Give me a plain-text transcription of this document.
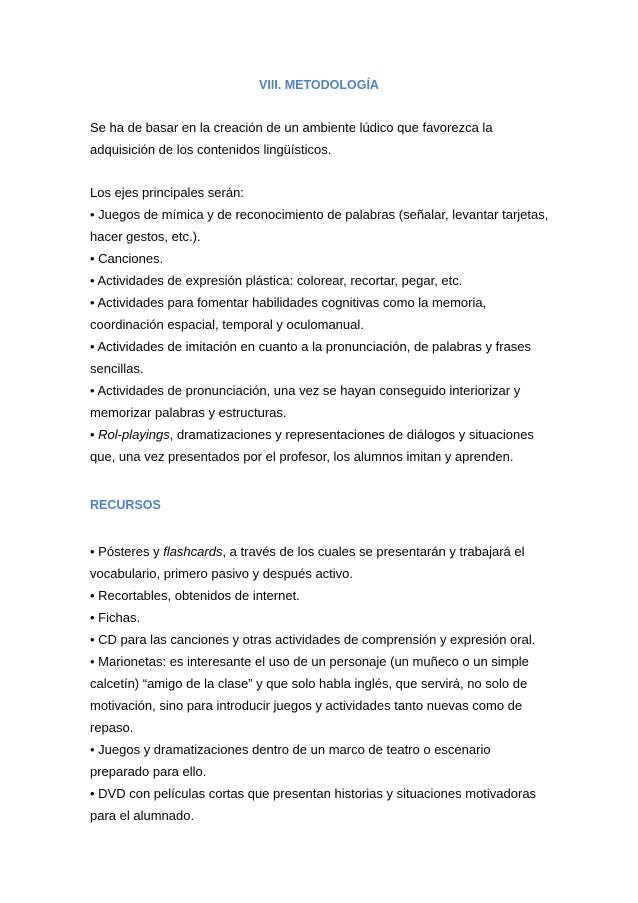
VIII. METODOLOGÍA
Se ha de basar en la creación de un ambiente lúdico que favorezca la
adquisición de los contenidos lingüísticos.
Los ejes principales serán:
• Juegos de mímica y de reconocimiento de palabras (señalar, levantar tarjetas,
hacer gestos, etc.).
• Canciones.
• Actividades de expresión plástica: colorear, recortar, pegar, etc.
• Actividades para fomentar habilidades cognitivas como la memoria,
coordinación espacial, temporal y oculomanual.
• Actividades de imitación en cuanto a la pronunciación, de palabras y frases
sencillas.
• Actividades de pronunciación, una vez se hayan conseguido interiorizar y
memorizar palabras y estructuras.
• Rol-playings, dramatizaciones y representaciones de diálogos y situaciones
que, una vez presentados por el profesor, los alumnos imitan y aprenden.
RECURSOS
• Pósteres y flashcards, a través de los cuales se presentarán y trabajará el
vocabulario, primero pasivo y después activo.
• Recortables, obtenidos de internet.
• Fichas.
• CD para las canciones y otras actividades de comprensión y expresión oral.
• Marionetas: es interesante el uso de un personaje (un muñeco o un simple
calcetín) “amigo de la clase” y que solo habla inglés, que servirá, no solo de
motivación, sino para introducir juegos y actividades tanto nuevas como de
repaso.
• Juegos y dramatizaciones dentro de un marco de teatro o escenario
preparado para ello.
• DVD con películas cortas que presentan historias y situaciones motivadoras
para el alumnado.
